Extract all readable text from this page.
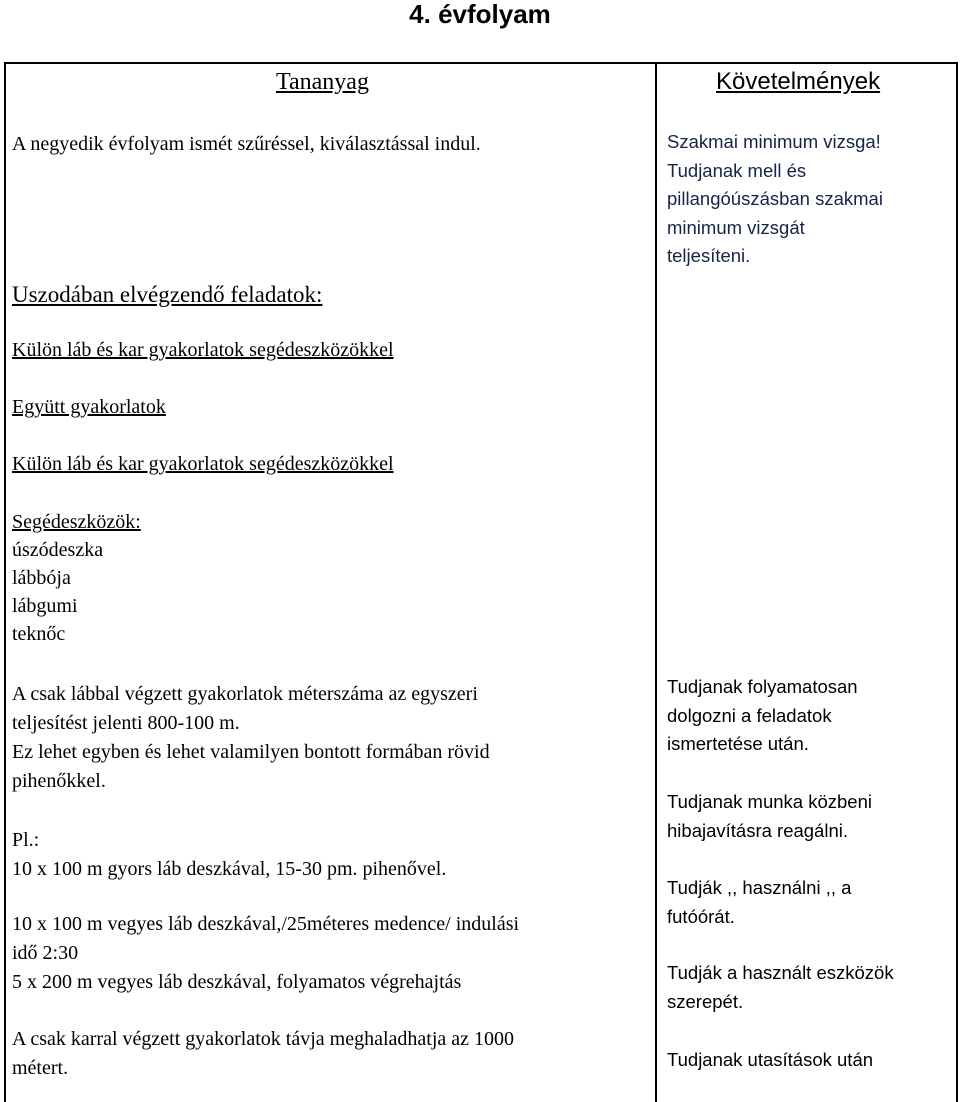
4. évfolyam
Tananyag
A negyedik évfolyam ismét szűréssel, kiválasztással indul.
Uszodában elvégzendő feladatok:
Külön láb és kar gyakorlatok segédeszközökkel
Együtt gyakorlatok
Külön láb és kar gyakorlatok segédeszközökkel
Segédeszközök:
úszódeszka
lábbója
lábgumi
teknőc
A csak lábbal végzett gyakorlatok méterszáma az egyszeri
teljesítést jelenti 800-100 m.
Ez lehet egyben és lehet valamilyen bontott formában rövid
pihenőkkel.
Pl.:
10 x 100 m gyors láb deszkával, 15-30 pm. pihenővel.
10 x 100 m vegyes láb deszkával,/25méteres medence/ indulási
idő 2:30
5 x 200 m vegyes láb deszkával, folyamatos végrehajtás
A csak karral végzett gyakorlatok távja meghaladhatja az 1000
métert.
Követelmények
Szakmai minimum vizsga!
Tudjanak mell és
pillangóúszásban szakmai
minimum vizsgát
teljesíteni.
Tudjanak folyamatosan
dolgozni a feladatok
ismertetése után.
Tudjanak munka közbeni
hibajavításra reagálni.
Tudják ,, használni ,, a
futóórát.
Tudják a használt eszközök
szerepét.
Tudjanak utasítások után
